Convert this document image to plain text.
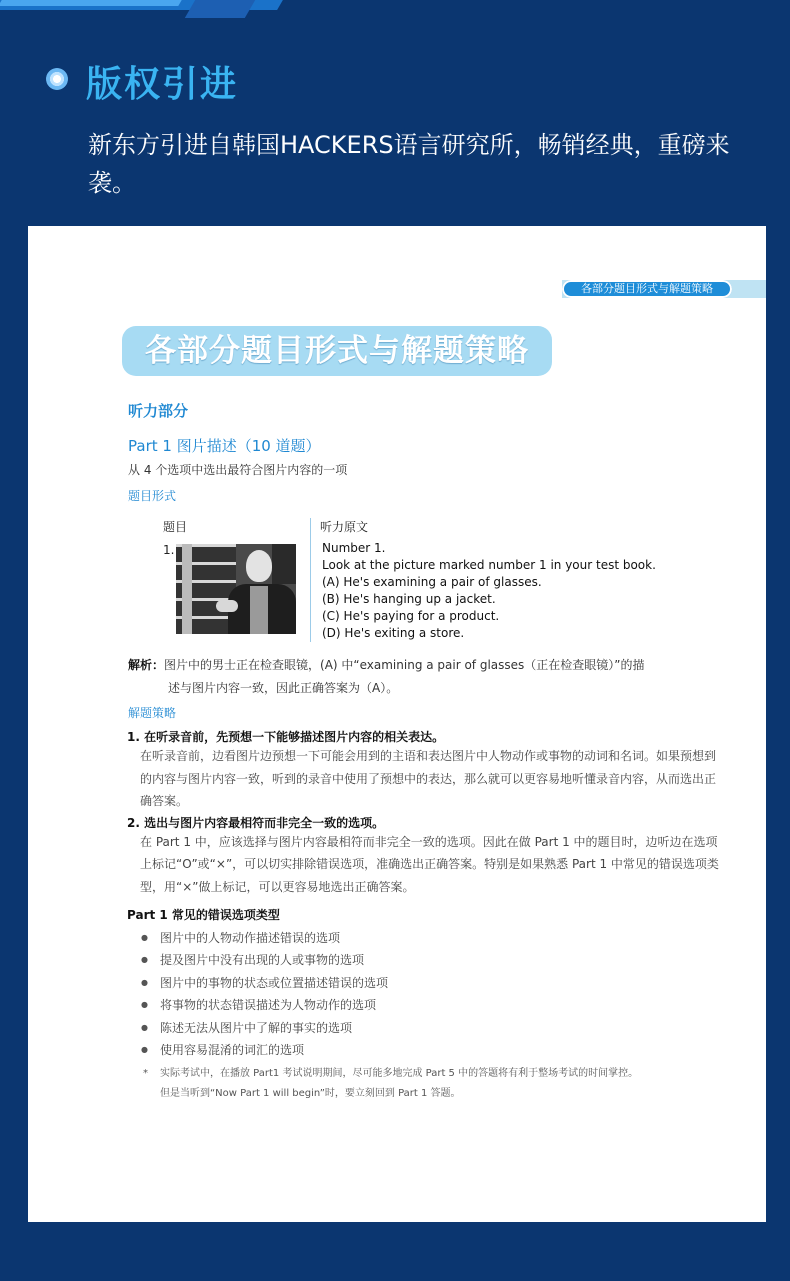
版权引进
新东方引进自韩国HACKERS语言研究所，畅销经典，重磅来袭。
各部分题目形式与解题策略
各部分题目形式与解题策略
听力部分
Part 1 图片描述（10 道题）
从 4 个选项中选出最符合图片内容的一项
题目形式
题目	听力原文
1.	Number 1.
Look at the picture marked number 1 in your test book.
(A) He's examining a pair of glasses.
(B) He's hanging up a jacket.
(C) He's paying for a product.
(D) He's exiting a store.
解析：图片中的男士正在检查眼镜，(A) 中“examining a pair of glasses（正在检查眼镜）”的描
述与图片内容一致，因此正确答案为（A）。
解题策略
1. 在听录音前，先预想一下能够描述图片内容的相关表达。
在听录音前，边看图片边预想一下可能会用到的主语和表达图片中人物动作或事物的动词和名词。如果预想到的内容与图片内容一致，听到的录音中使用了预想中的表达，那么就可以更容易地听懂录音内容，从而选出正确答案。
2. 选出与图片内容最相符而非完全一致的选项。
在 Part 1 中，应该选择与图片内容最相符而非完全一致的选项。因此在做 Part 1 中的题目时，边听边在选项上标记“O”或“×”，可以切实排除错误选项，准确选出正确答案。特别是如果熟悉 Part 1 中常见的错误选项类型，用“×”做上标记，可以更容易地选出正确答案。
Part 1 常见的错误选项类型
● 图片中的人物动作描述错误的选项
● 提及图片中没有出现的人或事物的选项
● 图片中的事物的状态或位置描述错误的选项
● 将事物的状态错误描述为人物动作的选项
● 陈述无法从图片中了解的事实的选项
● 使用容易混淆的词汇的选项
*	实际考试中，在播放 Part1 考试说明期间，尽可能多地完成 Part 5 中的答题将有利于整场考试的时间掌控。
但是当听到“Now Part 1 will begin”时，要立刻回到 Part 1 答题。
